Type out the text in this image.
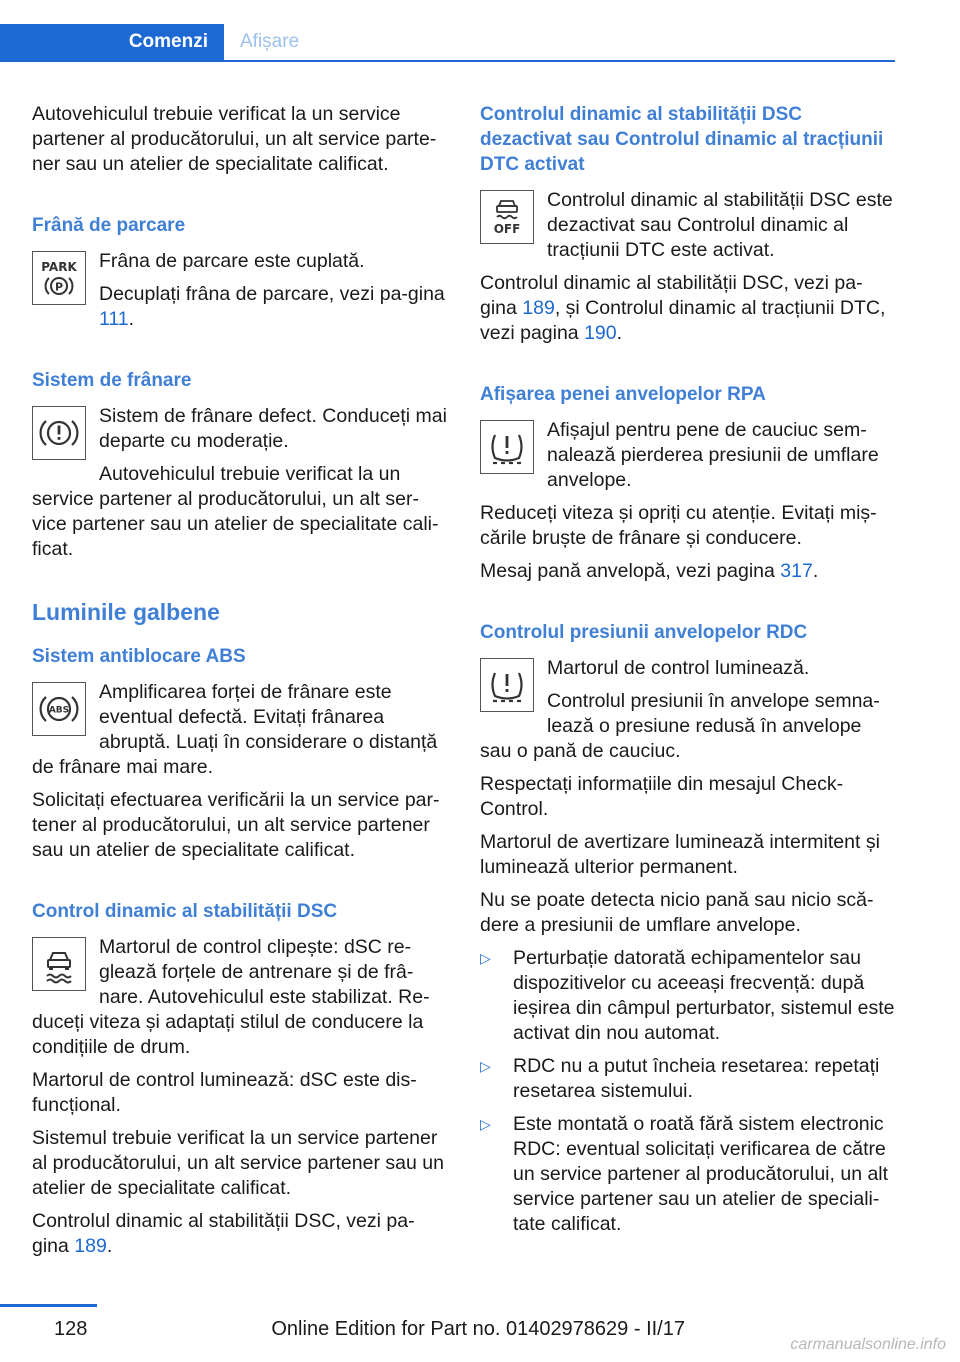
Comenzi	Afișare

Autovehiculul trebuie verificat la un service partener al producătorului, un alt service parte‐ner sau un atelier de specialitate calificat.

Frână de parcare
PARK
P

Frâna de parcare este cuplată.

Decuplați frâna de parcare, vezi pa‐gina 111.

Sistem de frânare

Sistem de frânare defect. Conduceți mai departe cu moderație.

Autovehiculul trebuie verificat la un service partener al producătorului, un alt ser‐vice partener sau un atelier de specialitate cali‐ficat.

Luminile galbene
Sistem antiblocare ABS
ABS

Amplificarea forței de frânare este eventual defectă. Evitați frânarea abruptă. Luați în considerare o distanță de frânare mai mare.

Solicitați efectuarea verificării la un service par‐tener al producătorului, un alt service partener sau un atelier de specialitate calificat.

Control dinamic al stabilității DSC

Martorul de control clipește: dSC re‐glează forțele de antrenare și de frâ‐nare. Autovehiculul este stabilizat. Re‐duceți viteza și adaptați stilul de conducere la condițiile de drum.

Martorul de control luminează: dSC este dis‐funcțional.

Sistemul trebuie verificat la un service partener al producătorului, un alt service partener sau un atelier de specialitate calificat.

Controlul dinamic al stabilității DSC, vezi pa‐gina 189.

Controlul dinamic al stabilității DSC dezactivat sau Controlul dinamic al tracțiunii DTC activat
OFF

Controlul dinamic al stabilității DSC este dezactivat sau Controlul dinamic al tracțiunii DTC este activat.

Controlul dinamic al stabilității DSC, vezi pa‐gina 189, și Controlul dinamic al tracțiunii DTC, vezi pagina 190.

Afișarea penei anvelopelor RPA

Afișajul pentru pene de cauciuc sem‐nalează pierderea presiunii de umflare anvelope.

Reduceți viteza și opriți cu atenție. Evitați miș‐cările bruște de frânare și conducere.

Mesaj pană anvelopă, vezi pagina 317.

Controlul presiunii anvelopelor RDC

Martorul de control luminează.

Controlul presiunii în anvelope semna‐lează o presiune redusă în anvelope sau o pană de cauciuc.

Respectați informațiile din mesajul Check-Control.

Martorul de avertizare luminează intermitent și luminează ulterior permanent.

Nu se poate detecta nicio pană sau nicio scă‐dere a presiunii de umflare anvelope.

▷ Perturbație datorată echipamentelor sau dispozitivelor cu aceeași frecvență: după ieșirea din câmpul perturbator, sistemul este activat din nou automat.
▷ RDC nu a putut încheia resetarea: repetați resetarea sistemului.
▷ Este montată o roată fără sistem electronic RDC: eventual solicitați verificarea de către un service partener al producătorului, un alt service partener sau un atelier de speciali‐tate calificat.
128	Online Edition for Part no. 01402978629 - II/17
carmanualsonline.info
